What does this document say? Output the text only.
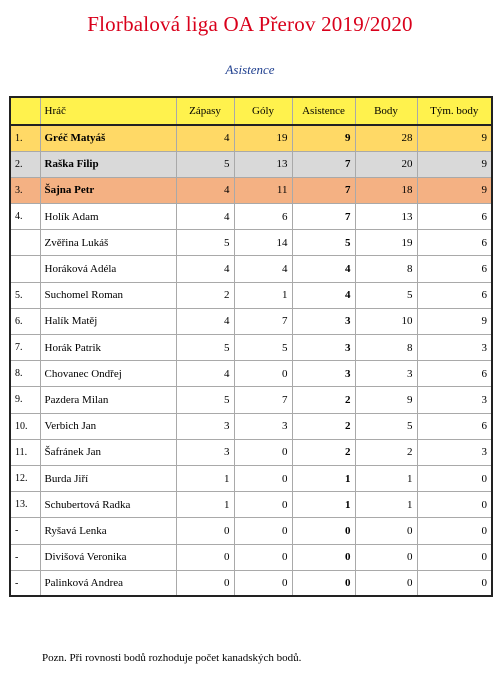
Florbalová liga OA Přerov 2019/2020
Asistence
	Hráč	Zápasy	Góly	Asistence	Body	Tým. body
1.	Gréč Matyáš	4	19	9	28	9
2.	Raška Filip	5	13	7	20	9
3.	Šajna Petr	4	11	7	18	9
4.	Holík Adam	4	6	7	13	6
	Zvěřina Lukáš	5	14	5	19	6
	Horáková Adéla	4	4	4	8	6
5.	Suchomel Roman	2	1	4	5	6
6.	Halík Matěj	4	7	3	10	9
7.	Horák Patrik	5	5	3	8	3
8.	Chovanec Ondřej	4	0	3	3	6
9.	Pazdera Milan	5	7	2	9	3
10.	Verbich Jan	3	3	2	5	6
11.	Šafránek Jan	3	0	2	2	3
12.	Burda Jiří	1	0	1	1	0
13.	Schubertová Radka	1	0	1	1	0
-	Ryšavá Lenka	0	0	0	0	0
-	Divišová Veronika	0	0	0	0	0
-	Palinková Andrea	0	0	0	0	0
Pozn. Při rovnosti bodů rozhoduje počet kanadských bodů.
